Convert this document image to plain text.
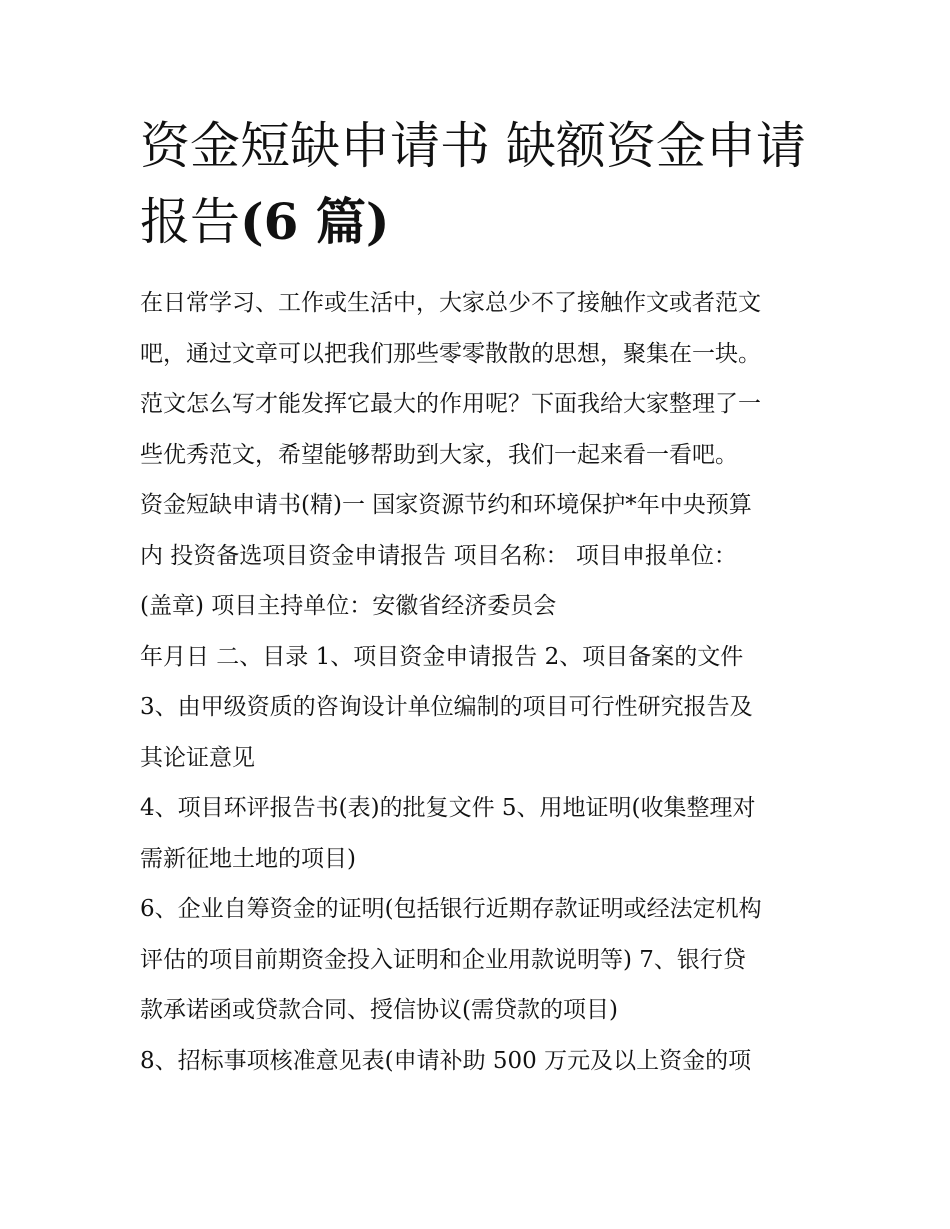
资金短缺申请书 缺额资金申请
报告(6 篇)
在日常学习、工作或生活中，大家总少不了接触作文或者范文
吧，通过文章可以把我们那些零零散散的思想，聚集在一块。
范文怎么写才能发挥它最大的作用呢？下面我给大家整理了一
些优秀范文，希望能够帮助到大家，我们一起来看一看吧。
资金短缺申请书(精)一 国家资源节约和环境保护*年中央预算
内 投资备选项目资金申请报告 项目名称： 项目申报单位：
(盖章) 项目主持单位：安徽省经济委员会
年月日 二、目录 1、项目资金申请报告 2、项目备案的文件
3、由甲级资质的咨询设计单位编制的项目可行性研究报告及
其论证意见
4、项目环评报告书(表)的批复文件 5、用地证明(收集整理对
需新征地土地的项目)
6、企业自筹资金的证明(包括银行近期存款证明或经法定机构
评估的项目前期资金投入证明和企业用款说明等) 7、银行贷
款承诺函或贷款合同、授信协议(需贷款的项目)
8、招标事项核准意见表(申请补助 500 万元及以上资金的项
